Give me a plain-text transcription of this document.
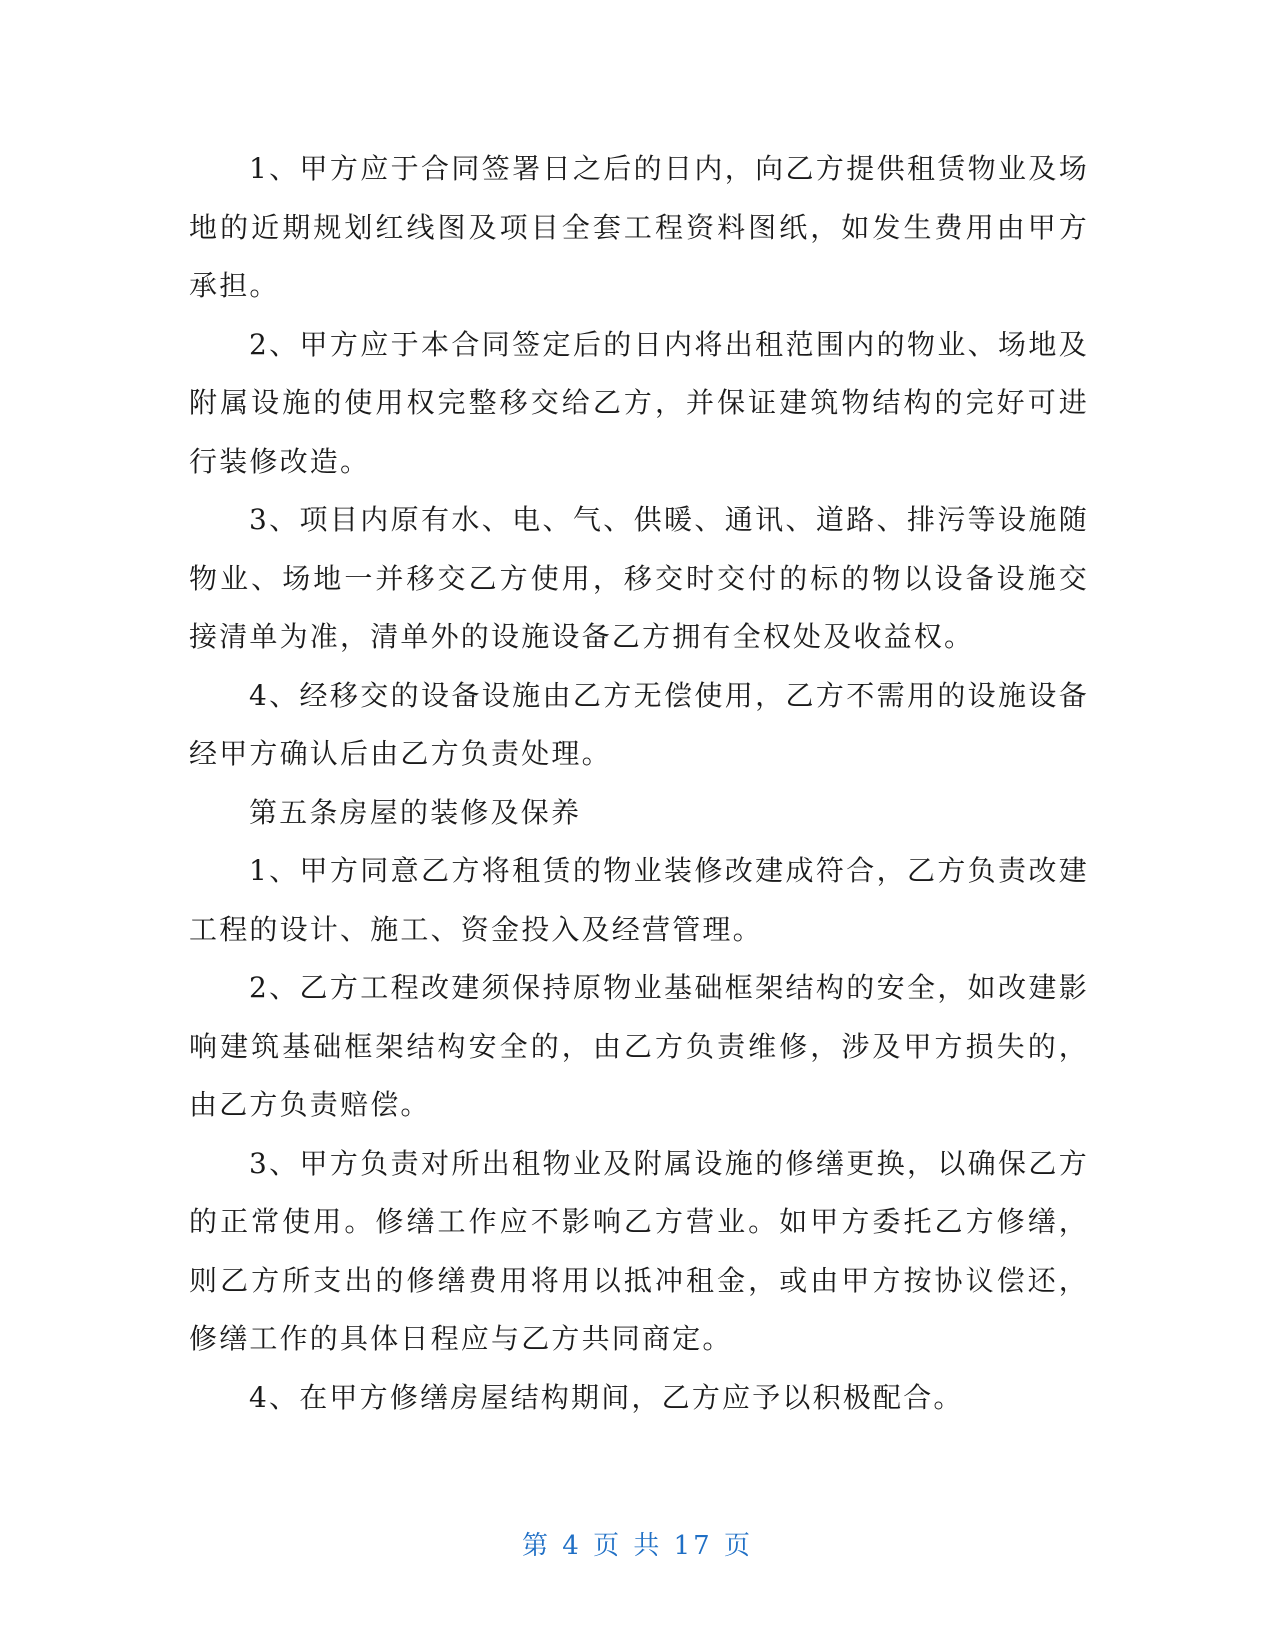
1、甲方应于合同签署日之后的日内，向乙方提供租赁物业及场地的近期规划红线图及项目全套工程资料图纸，如发生费用由甲方承担。

2、甲方应于本合同签定后的日内将出租范围内的物业、场地及附属设施的使用权完整移交给乙方，并保证建筑物结构的完好可进行装修改造。

3、项目内原有水、电、气、供暖、通讯、道路、排污等设施随物业、场地一并移交乙方使用，移交时交付的标的物以设备设施交接清单为准，清单外的设施设备乙方拥有全权处及收益权。

4、经移交的设备设施由乙方无偿使用，乙方不需用的设施设备经甲方确认后由乙方负责处理。

第五条房屋的装修及保养

1、甲方同意乙方将租赁的物业装修改建成符合，乙方负责改建工程的设计、施工、资金投入及经营管理。

2、乙方工程改建须保持原物业基础框架结构的安全，如改建影响建筑基础框架结构安全的，由乙方负责维修，涉及甲方损失的，由乙方负责赔偿。

3、甲方负责对所出租物业及附属设施的修缮更换，以确保乙方的正常使用。修缮工作应不影响乙方营业。如甲方委托乙方修缮，则乙方所支出的修缮费用将用以抵冲租金，或由甲方按协议偿还，修缮工作的具体日程应与乙方共同商定。

4、在甲方修缮房屋结构期间，乙方应予以积极配合。

第 4 页 共 17 页
